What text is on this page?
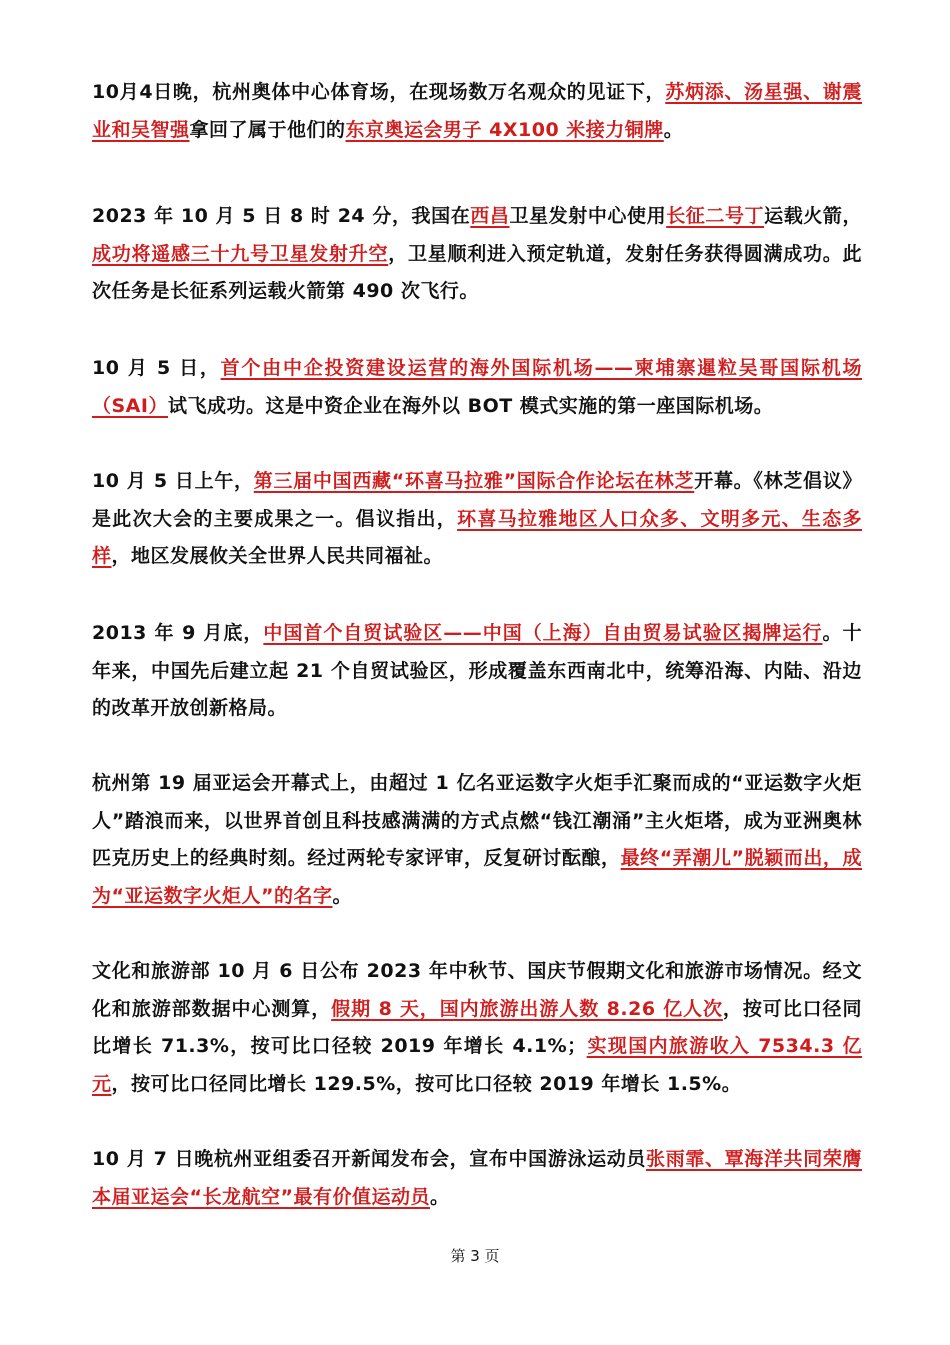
10月4日晚，杭州奥体中心体育场，在现场数万名观众的见证下，苏炳添、汤星强、谢震业和吴智强拿回了属于他们的东京奥运会男子 4X100 米接力铜牌。

2023 年 10 月 5 日 8 时 24 分，我国在西昌卫星发射中心使用长征二号丁运载火箭，成功将遥感三十九号卫星发射升空，卫星顺利进入预定轨道，发射任务获得圆满成功。此次任务是长征系列运载火箭第 490 次飞行。

10 月 5 日，首个由中企投资建设运营的海外国际机场——柬埔寨暹粒吴哥国际机场（SAI）试飞成功。这是中资企业在海外以 BOT 模式实施的第一座国际机场。

10 月 5 日上午，第三届中国西藏“环喜马拉雅”国际合作论坛在林芝开幕。《林芝倡议》是此次大会的主要成果之一。倡议指出，环喜马拉雅地区人口众多、文明多元、生态多样，地区发展攸关全世界人民共同福祉。

2013 年 9 月底，中国首个自贸试验区——中国（上海）自由贸易试验区揭牌运行。十年来，中国先后建立起 21 个自贸试验区，形成覆盖东西南北中，统筹沿海、内陆、沿边的改革开放创新格局。

杭州第 19 届亚运会开幕式上，由超过 1 亿名亚运数字火炬手汇聚而成的“亚运数字火炬人”踏浪而来，以世界首创且科技感满满的方式点燃“钱江潮涌”主火炬塔，成为亚洲奥林匹克历史上的经典时刻。经过两轮专家评审，反复研讨酝酿，最终“弄潮儿”脱颖而出，成为“亚运数字火炬人”的名字。

文化和旅游部 10 月 6 日公布 2023 年中秋节、国庆节假期文化和旅游市场情况。经文化和旅游部数据中心测算，假期 8 天，国内旅游出游人数 8.26 亿人次，按可比口径同比增长 71.3%，按可比口径较 2019 年增长 4.1%；实现国内旅游收入 7534.3 亿元，按可比口径同比增长 129.5%，按可比口径较 2019 年增长 1.5%。

10 月 7 日晚杭州亚组委召开新闻发布会，宣布中国游泳运动员张雨霏、覃海洋共同荣膺本届亚运会“长龙航空”最有价值运动员。

第 3 页
